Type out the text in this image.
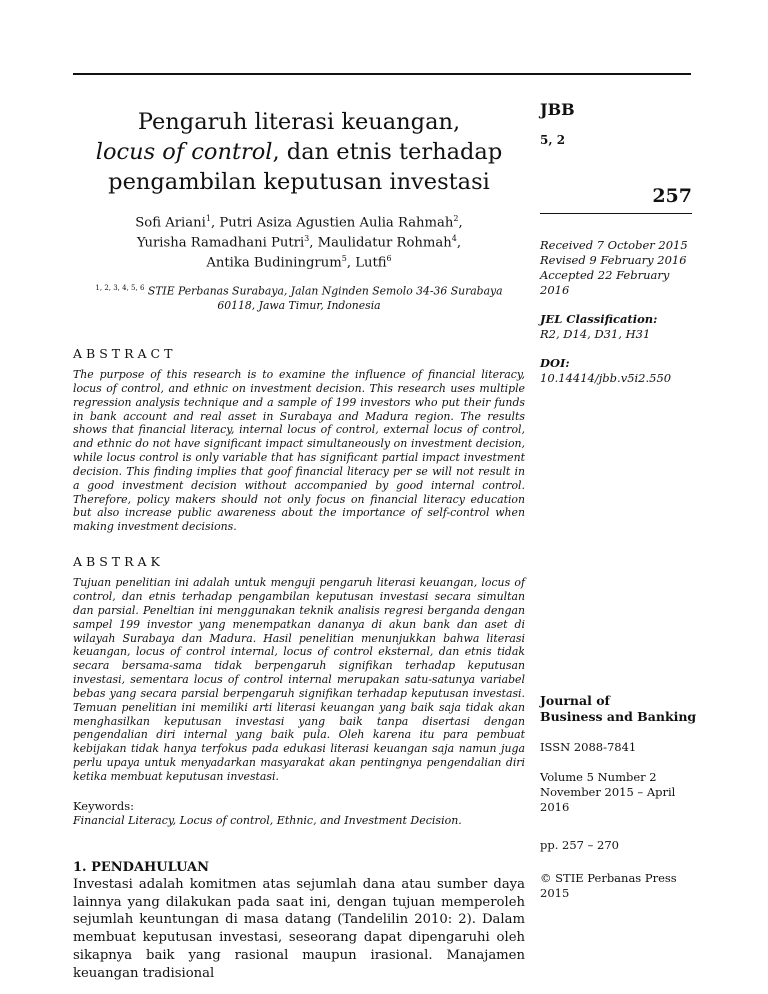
Pengaruh literasi keuangan,
locus of control, dan etnis terhadap
pengambilan keputusan investasi
Sofi Ariani$^1$, Putri Asiza Agustien Aulia Rahmah$^2$,
Yurisha Ramadhani Putri$^3$, Maulidatur Rohmah$^4$,
Antika Budiningrum$^5$, Lutfi$^6$
$^{1, 2, 3, 4, 5, 6}$ STIE Perbanas Surabaya, Jalan Nginden Semolo 34-36 Surabaya 60118, Jawa Timur, Indonesia
ABSTRACT
The purpose of this research is to examine the influence of financial literacy, locus of control, and ethnic on investment decision. This research uses multiple regression analysis technique and a sample of 199 investors who put their funds in bank account and real asset in Surabaya and Madura region. The results shows that financial literacy, internal locus of control, external locus of control, and ethnic do not have significant impact simultaneously on investment decision, while locus control is only variable that has significant partial impact investment decision. This finding implies that goof financial literacy per se will not result in a good investment decision without accompanied by good internal control. Therefore, policy makers should not only focus on financial literacy education but also increase public awareness about the importance of self-control when making investment decisions.
ABSTRAK
Tujuan penelitian ini adalah untuk menguji pengaruh literasi keuangan, locus of control, dan etnis terhadap pengambilan keputusan investasi secara simultan dan parsial. Peneltian ini menggunakan teknik analisis regresi berganda dengan sampel 199 investor yang menempatkan dananya di akun bank dan aset di wilayah Surabaya dan Madura. Hasil penelitian menunjukkan bahwa literasi keuangan, locus of control internal, locus of control eksternal, dan etnis tidak secara bersama-sama tidak berpengaruh signifikan terhadap keputusan investasi, sementara locus of control internal merupakan satu-satunya variabel bebas yang secara parsial berpengaruh signifikan terhadap keputusan investasi. Temuan penelitian ini memiliki arti literasi keuangan yang baik saja tidak akan menghasilkan keputusan investasi yang baik tanpa disertasi dengan pengendalian diri internal yang baik pula. Oleh karena itu para pembuat kebijakan tidak hanya terfokus pada edukasi literasi keuangan saja namun juga perlu upaya untuk menyadarkan masyarakat akan pentingnya pengendalian diri ketika membuat keputusan investasi.
Keywords:
Financial Literacy, Locus of control, Ethnic, and Investment Decision.
1. PENDAHULUAN
Investasi adalah komitmen atas sejumlah dana atau sumber daya lainnya yang dilakukan pada saat ini, dengan tujuan memperoleh sejumlah keuntungan di masa datang (Tandelilin 2010: 2). Dalam membuat keputusan investasi, seseorang dapat dipengaruhi oleh sikapnya baik yang rasional maupun irasional. Manajamen keuangan tradisional
JBB
5, 2
257
Received 7 October 2015
Revised 9 February 2016
Accepted 22 February 2016
JEL Classification:
R2, D14, D31, H31
DOI:
10.14414/jbb.v5i2.550
Journal of
Business and Banking
ISSN 2088-7841
Volume 5 Number 2 November 2015 – April 2016
pp. 257 – 270
© STIE Perbanas Press 2015
